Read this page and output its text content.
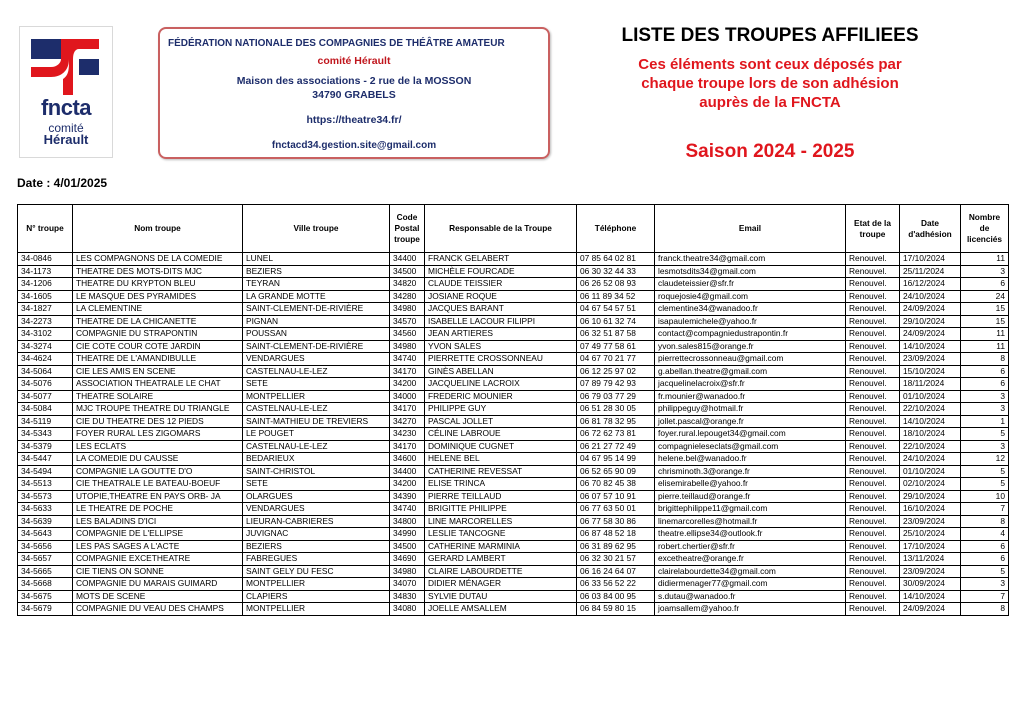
fncta
comité
Hérault
FÉDÉRATION NATIONALE DES COMPAGNIES DE THÉÂTRE AMATEUR
comité Hérault
Maison des associations - 2 rue de la MOSSON
34790 GRABELS
https://theatre34.fr/
fnctacd34.gestion.site@gmail.com
LISTE DES TROUPES AFFILIEES
Ces éléments sont ceux déposés par
chaque troupe lors de son adhésion
auprès de la FNCTA
Saison 2024 - 2025
Date : 4/01/2025
N° troupe	Nom troupe	Ville troupe	Code Postal troupe	Responsable de la Troupe	Téléphone	Email	Etat de la troupe	Date d'adhésion	Nombre de licenciés
34-0846	LES COMPAGNONS DE LA COMEDIE	LUNEL	34400	FRANCK GELABERT	07 85 64 02 81	franck.theatre34@gmail.com	Renouvel.	17/10/2024	11
34-1173	THEATRE DES MOTS-DITS MJC	BEZIERS	34500	MICHÈLE FOURCADE	06 30 32 44 33	lesmotsdits34@gmail.com	Renouvel.	25/11/2024	3
34-1206	THEATRE DU KRYPTON BLEU	TEYRAN	34820	CLAUDE TEISSIER	06 26 52 08 93	claudeteissier@sfr.fr	Renouvel.	16/12/2024	6
34-1605	LE MASQUE DES PYRAMIDES	LA GRANDE MOTTE	34280	JOSIANE ROQUE	06 11 89 34 52	roquejosie4@gmail.com	Renouvel.	24/10/2024	24
34-1827	LA CLEMENTINE	SAINT-CLEMENT-DE-RIVIÈRE	34980	JACQUES BARANT	04 67 54 57 51	clementine34@wanadoo.fr	Renouvel.	24/09/2024	15
34-2273	THEATRE DE LA CHICANETTE	PIGNAN	34570	ISABELLE LACOUR FILIPPI	06 10 61 32 74	isapaulemichele@yahoo.fr	Renouvel.	29/10/2024	15
34-3102	COMPAGNIE DU STRAPONTIN	POUSSAN	34560	JEAN ARTIERES	06 32 51 87 58	contact@compagniedustrapontin.fr	Renouvel.	24/09/2024	11
34-3274	CIE COTE COUR COTE JARDIN	SAINT-CLEMENT-DE-RIVIÈRE	34980	YVON SALES	07 49 77 58 61	yvon.sales815@orange.fr	Renouvel.	14/10/2024	11
34-4624	THEATRE DE L'AMANDIBULLE	VENDARGUES	34740	PIERRETTE CROSSONNEAU	04 67 70 21 77	pierrettecrossonneau@gmail.com	Renouvel.	23/09/2024	8
34-5064	CIE LES AMIS EN SCENE	CASTELNAU-LE-LEZ	34170	GINÈS ABELLAN	06 12 25 97 02	g.abellan.theatre@gmail.com	Renouvel.	15/10/2024	6
34-5076	ASSOCIATION THEATRALE LE CHAT	SETE	34200	JACQUELINE LACROIX	07 89 79 42 93	jacquelinelacroix@sfr.fr	Renouvel.	18/11/2024	6
34-5077	THEATRE SOLAIRE	MONTPELLIER	34000	FREDERIC MOUNIER	06 79 03 77 29	fr.mounier@wanadoo.fr	Renouvel.	01/10/2024	3
34-5084	MJC TROUPE THEATRE DU TRIANGLE	CASTELNAU-LE-LEZ	34170	PHILIPPE GUY	06 51 28 30 05	philippeguy@hotmail.fr	Renouvel.	22/10/2024	3
34-5119	CIE DU THEATRE DES 12 PIEDS	SAINT-MATHIEU DE TREVIERS	34270	PASCAL JOLLET	06 81 78 32 95	jollet.pascal@orange.fr	Renouvel.	14/10/2024	1
34-5343	FOYER RURAL LES ZIGOMARS	LE POUGET	34230	CÉLINE LABROUE	06 72 62 73 81	foyer.rural.lepouget34@gmail.com	Renouvel.	18/10/2024	5
34-5379	LES ECLATS	CASTELNAU-LE-LEZ	34170	DOMINIQUE CUGNET	06 21 27 72 49	compagnieleseclats@gmail.com	Renouvel.	22/10/2024	3
34-5447	LA COMEDIE DU CAUSSE	BEDARIEUX	34600	HELENE BEL	04 67 95 14 99	helene.bel@wanadoo.fr	Renouvel.	24/10/2024	12
34-5494	COMPAGNIE LA GOUTTE D'O	SAINT-CHRISTOL	34400	CATHERINE REVESSAT	06 52 65 90 09	chrisminoth.3@orange.fr	Renouvel.	01/10/2024	5
34-5513	CIE THEATRALE LE BATEAU-BOEUF	SETE	34200	ELISE TRINCA	06 70 82 45 38	elisemirabelle@yahoo.fr	Renouvel.	02/10/2024	5
34-5573	UTOPIE,THEATRE EN PAYS ORB- JA	OLARGUES	34390	PIERRE TEILLAUD	06 07 57 10 91	pierre.teillaud@orange.fr	Renouvel.	29/10/2024	10
34-5633	LE THEATRE DE POCHE	VENDARGUES	34740	BRIGITTE PHILIPPE	06 77 63 50 01	brigittephilippe11@gmail.com	Renouvel.	16/10/2024	7
34-5639	LES BALADINS D'ICI	LIEURAN-CABRIERES	34800	LINE MARCORELLES	06 77 58 30 86	linemarcorelles@hotmail.fr	Renouvel.	23/09/2024	8
34-5643	COMPAGNIE DE L'ELLIPSE	JUVIGNAC	34990	LESLIE TANCOGNE	06 87 48 52 18	theatre.ellipse34@outlook.fr	Renouvel.	25/10/2024	4
34-5656	LES PAS SAGES A L'ACTE	BEZIERS	34500	CATHERINE MARMINIA	06 31 89 62 95	robert.chertier@sfr.fr	Renouvel.	17/10/2024	6
34-5657	COMPAGNIE EXCETHEATRE	FABREGUES	34690	GERARD LAMBERT	06 32 30 21 57	excetheatre@orange.fr	Renouvel.	13/11/2024	6
34-5665	CIE TIENS ON SONNE	SAINT GELY DU FESC	34980	CLAIRE LABOURDETTE	06 16 24 64 07	clairelabourdette34@gmail.com	Renouvel.	23/09/2024	5
34-5668	COMPAGNIE DU MARAIS GUIMARD	MONTPELLIER	34070	DIDIER MÉNAGER	06 33 56 52 22	didiermenager77@gmail.com	Renouvel.	30/09/2024	3
34-5675	MOTS DE SCENE	CLAPIERS	34830	SYLVIE DUTAU	06 03 84 00 95	s.dutau@wanadoo.fr	Renouvel.	14/10/2024	7
34-5679	COMPAGNIE DU VEAU DES CHAMPS	MONTPELLIER	34080	JOELLE AMSALLEM	06 84 59 80 15	joamsallem@yahoo.fr	Renouvel.	24/09/2024	8
